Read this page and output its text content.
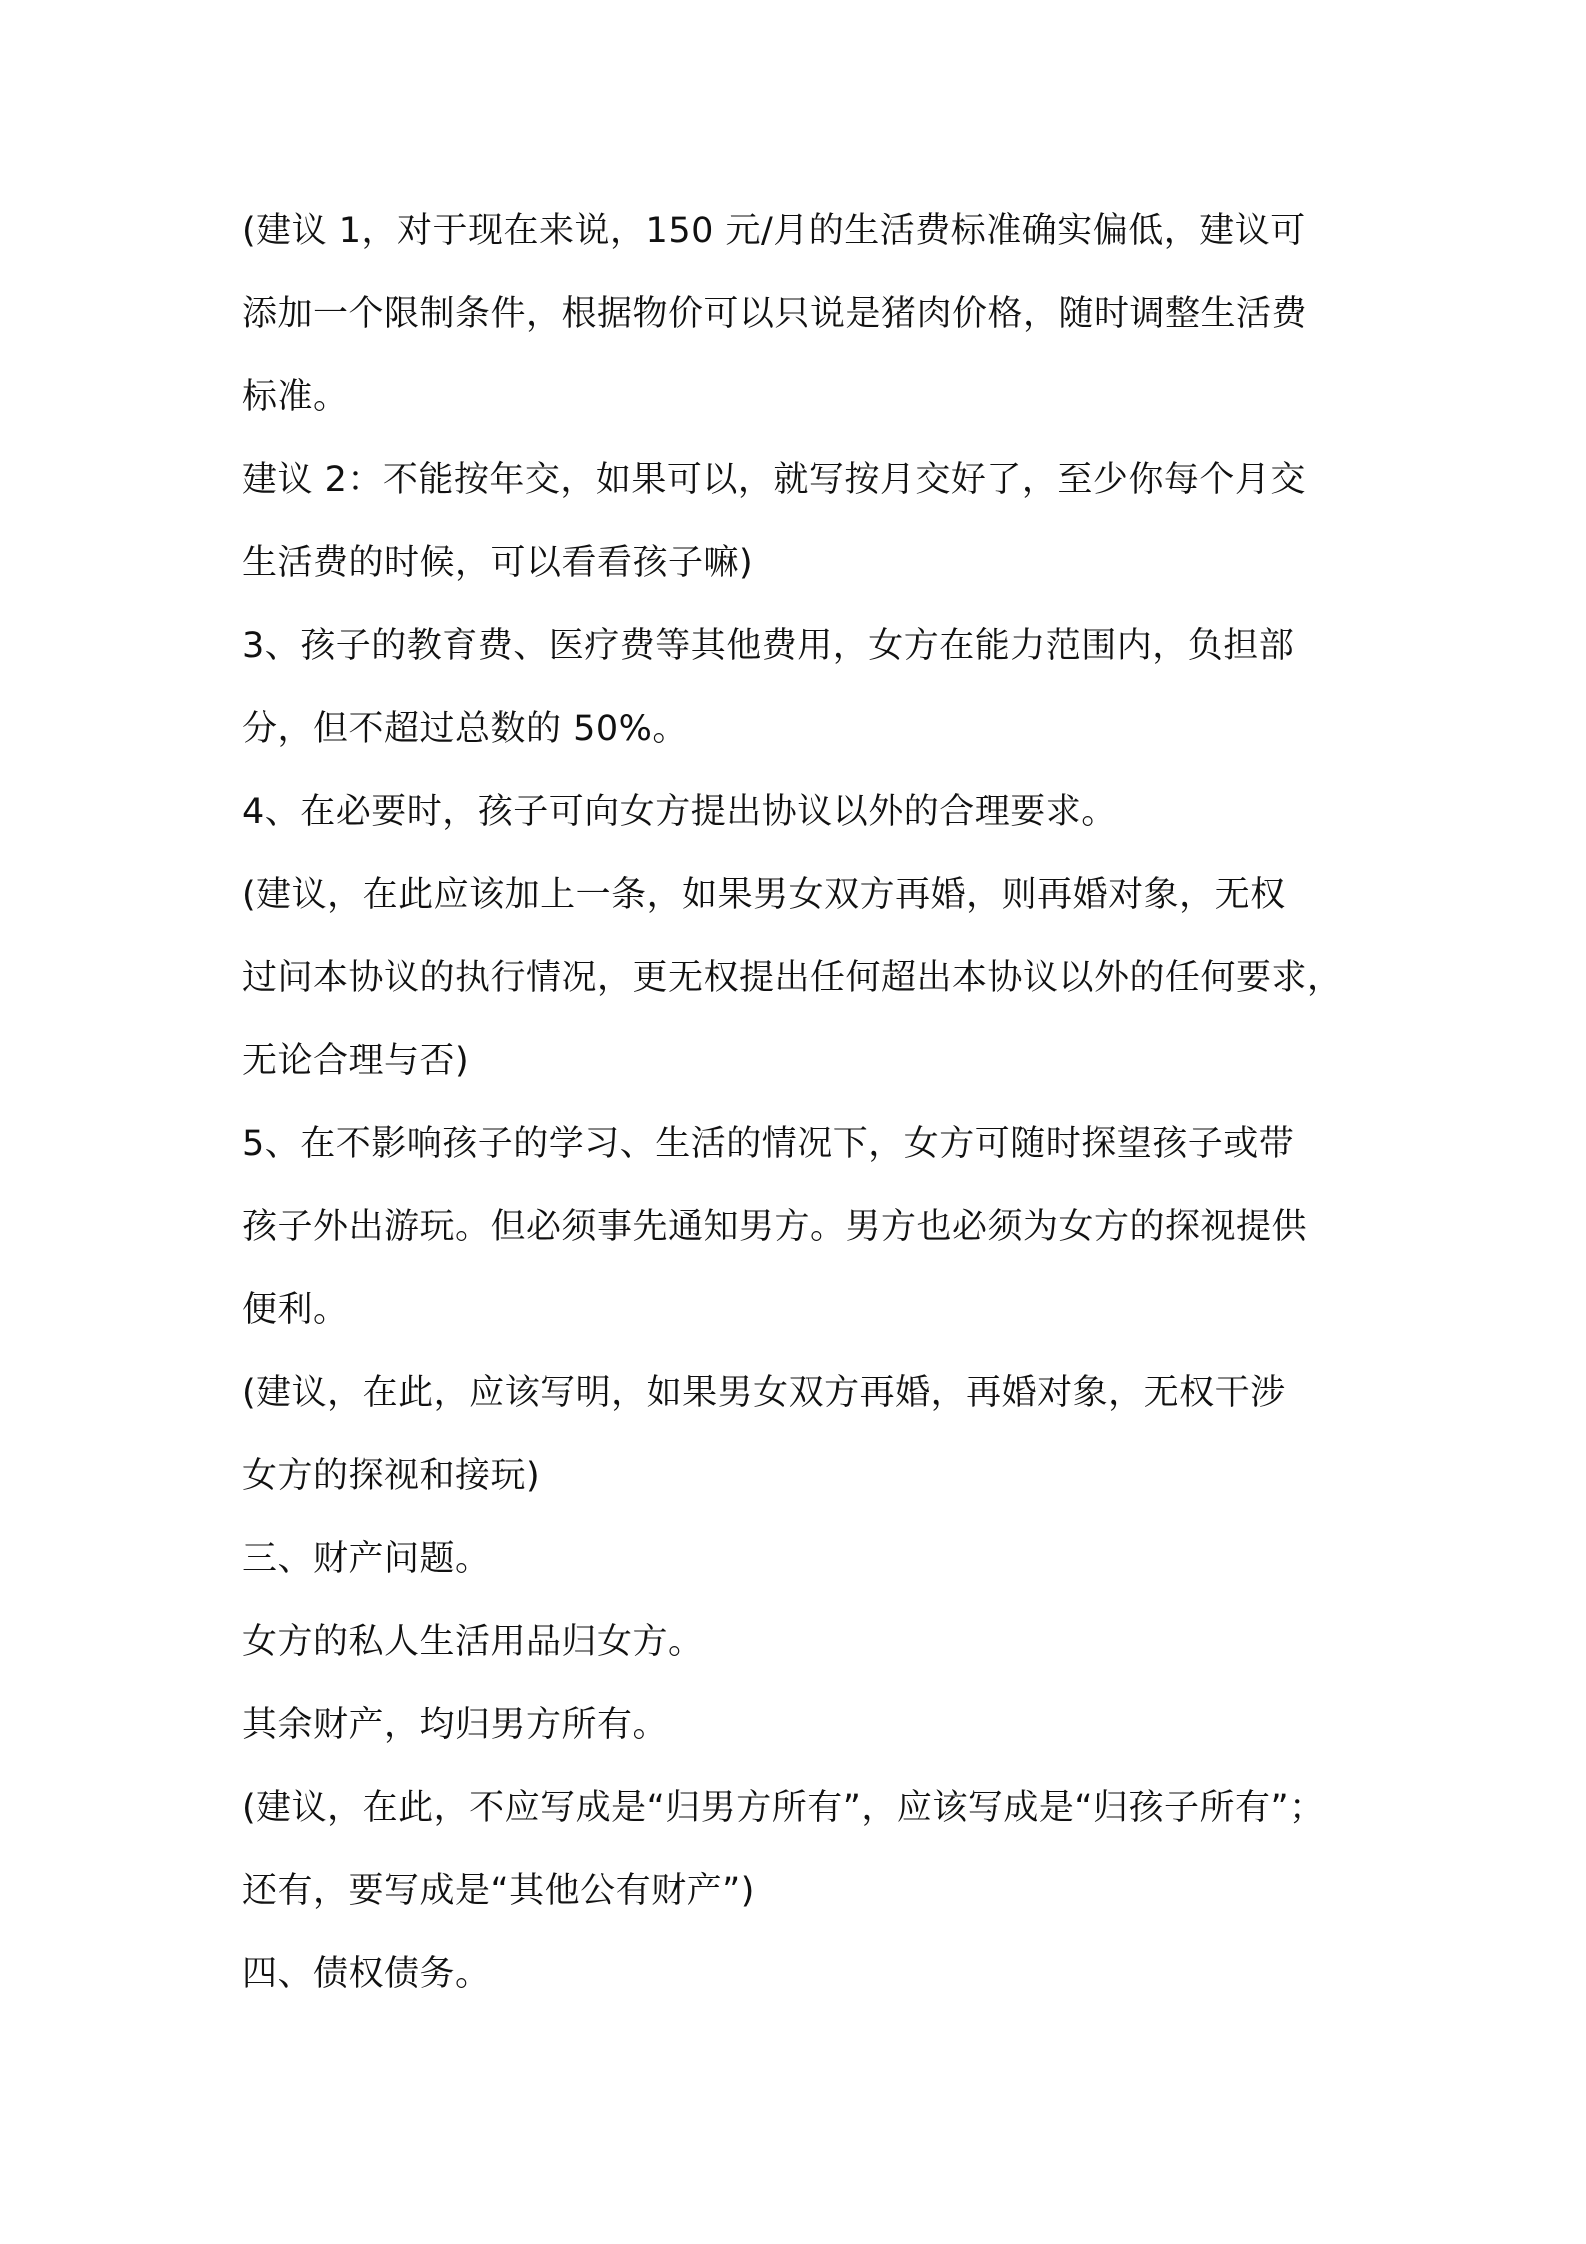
(建议 1，对于现在来说，150 元/月的生活费标准确实偏低，建议可
添加一个限制条件，根据物价可以只说是猪肉价格，随时调整生活费
标准。
建议 2：不能按年交，如果可以，就写按月交好了，至少你每个月交
生活费的时候，可以看看孩子嘛)
3、孩子的教育费、医疗费等其他费用，女方在能力范围内，负担部
分，但不超过总数的 50%。
4、在必要时，孩子可向女方提出协议以外的合理要求。
(建议，在此应该加上一条，如果男女双方再婚，则再婚对象，无权
过问本协议的执行情况，更无权提出任何超出本协议以外的任何要求，
无论合理与否)
5、在不影响孩子的学习、生活的情况下，女方可随时探望孩子或带
孩子外出游玩。但必须事先通知男方。男方也必须为女方的探视提供
便利。
(建议，在此，应该写明，如果男女双方再婚，再婚对象，无权干涉
女方的探视和接玩)
三、财产问题。
女方的私人生活用品归女方。
其余财产，均归男方所有。
(建议，在此，不应写成是“归男方所有”，应该写成是“归孩子所有”；
还有，要写成是“其他公有财产”)
四、债权债务。
